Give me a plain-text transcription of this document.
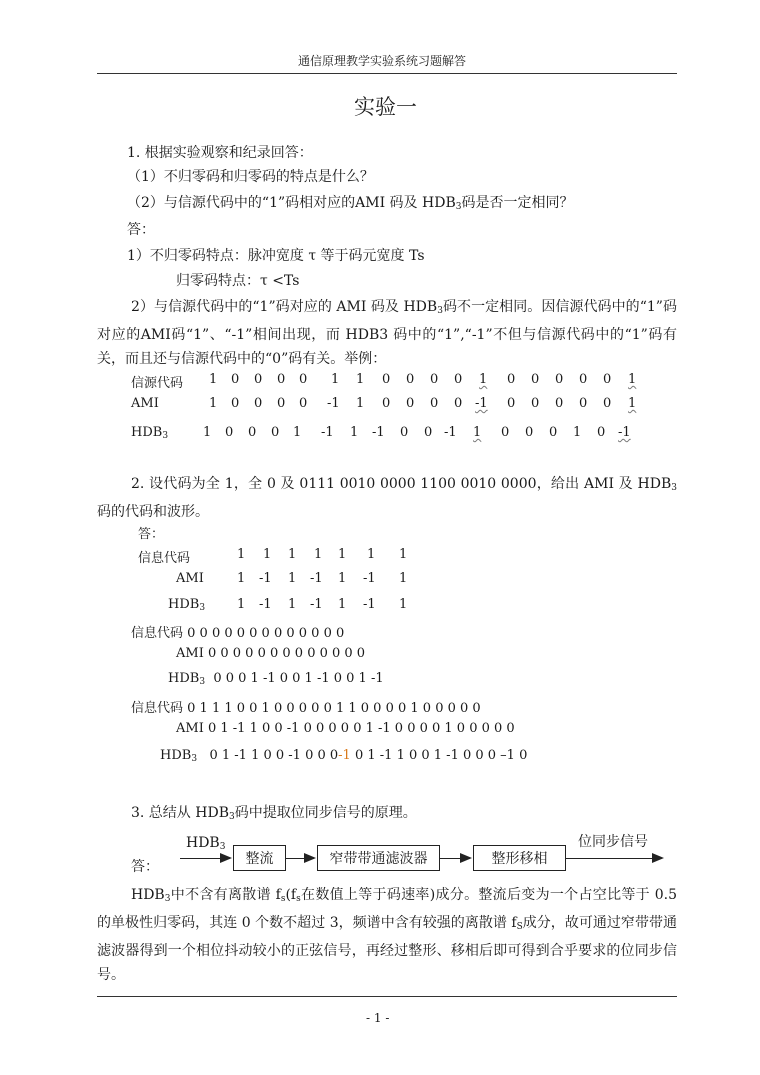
通信原理教学实验系统习题解答
实验一
1. 根据实验观察和纪录回答：
（1）不归零码和归零码的特点是什么？
（2）与信源代码中的“1”码相对应的AMI 码及 $HDB_3$码是否一定相同？
答：
1）不归零码特点：脉冲宽度 τ 等于码元宽度 Ts
归零码特点：τ <Ts
2）与信源代码中的“1”码对应的 AMI 码及 $HDB_3$码不一定相同。因信源代码中的“1”码对应的AMI码“1”、“-1”相间出现，而 HDB3 码中的“1”,“-1”不但与信源代码中的“1”码有关，而且还与信源代码中的“0”码有关。举例：
信源代码 1 0 0 0 0 1 1 0 0 0 0 1 0 0 0 0 0 1
AMI	1 0 0 0 0 -1 1 0 0 0 0 -1 0 0 0 0 0 1
$HDB_3$	1 0 0 0 1 -1 1 -1 0 0 -1 1 0 0 0 1 0 -1
2. 设代码为全 1，全 0 及 0111 0010 0000 1100 0010 0000，给出 AMI 及 $HDB_3$码的代码和波形。
答：
信息代码	1 1 1 1 1 1 1
AMI	1 -1 1 -1 1 -1 1
$HDB_3$ 1 -1 1 -1 1 -1 1
信息代码 0 0 0 0 0 0 0 0 0 0 0 0 0
AMI 0 0 0 0 0 0 0 0 0 0 0 0 0
$HDB_3$ 0 0 0 1 -1 0 0 1 -1 0 0 1 -1
信息代码 0 1 1 1 0 0 1 0 0 0 0 0 1 1 0 0 0 0 1 0 0 0 0 0
AMI 0 1 -1 1 0 0 -1 0 0 0 0 0 1 -1 0 0 0 0 1 0 0 0 0 0
$HDB_3$ 0 1 -1 1 0 0 -1 0 0 0-1 0 1 -1 1 0 0 1 -1 0 0 0 –1 0
3. 总结从 $HDB_3$码中提取位同步信号的原理。
答：
$HDB_3$
整流	窄带带通滤波器	整形移相
位同步信号
$HDB_3$中不含有离散谱 $f_s(f_s$在数值上等于码速率)成分。整流后变为一个占空比等于 0.5 的单极性归零码，其连 0 个数不超过 3，频谱中含有较强的离散谱 $f_S$成分，故可通过窄带带通滤波器得到一个相位抖动较小的正弦信号，再经过整形、移相后即可得到合乎要求的位同步信号。
- 1 -
